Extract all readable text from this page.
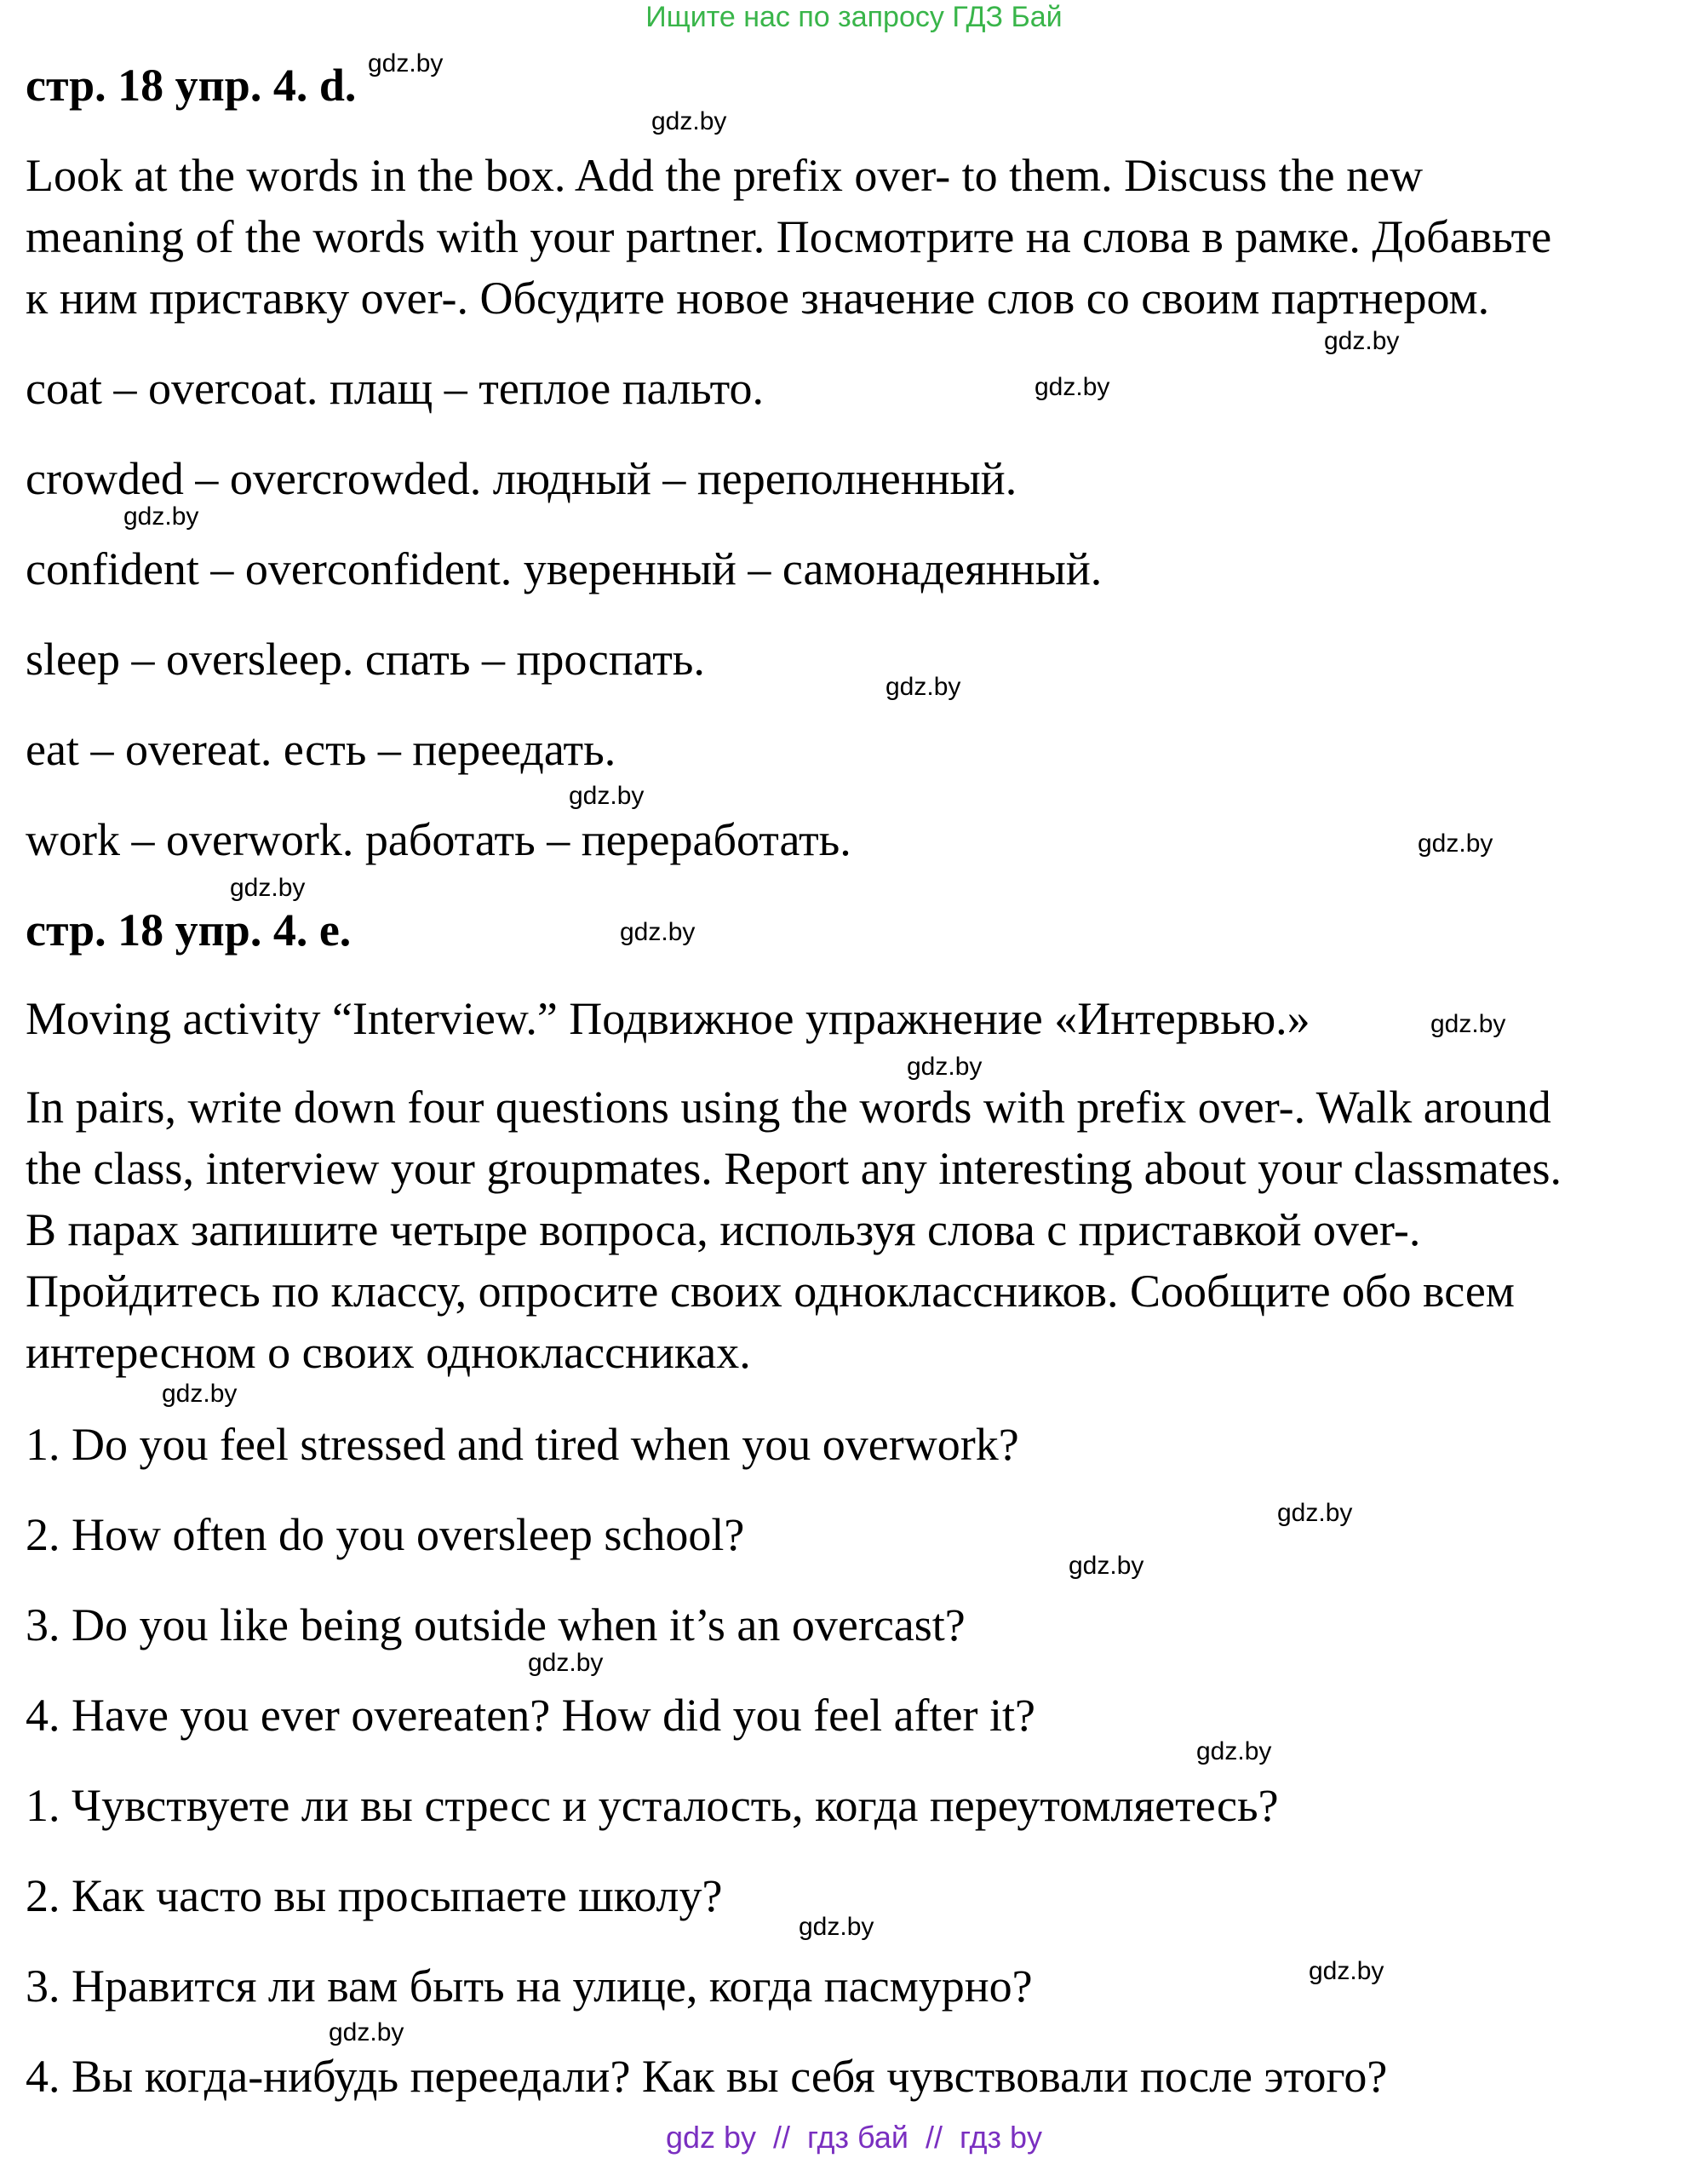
Ищите нас по запросу ГДЗ Бай
стр. 18 упр. 4. d.
Look at the words in the box. Add the prefix over- to them. Discuss the new
meaning of the words with your partner. Посмотрите на слова в рамке. Добавьте
к ним приставку over-. Обсудите новое значение слов со своим партнером.
coat – overcoat. плащ – теплое пальто.
crowded – overcrowded. людный – переполненный.
confident – overconfident. уверенный – самонадеянный.
sleep – oversleep. спать – проспать.
eat – overeat. есть – переедать.
work – overwork. работать – переработать.
стр. 18 упр. 4. e.
Moving activity “Interview.” Подвижное упражнение «Интервью.»
In pairs, write down four questions using the words with prefix over-. Walk around
the class, interview your groupmates. Report any interesting about your classmates.
В парах запишите четыре вопроса, используя слова с приставкой over-.
Пройдитесь по классу, опросите своих одноклассников. Сообщите обо всем
интересном о своих одноклассниках.
1. Do you feel stressed and tired when you overwork?
2. How often do you oversleep school?
3. Do you like being outside when it’s an overcast?
4. Have you ever overeaten? How did you feel after it?
1. Чувствуете ли вы стресс и усталость, когда переутомляетесь?
2. Как часто вы просыпаете школу?
3. Нравится ли вам быть на улице, когда пасмурно?
4. Вы когда-нибудь переедали? Как вы себя чувствовали после этого?
gdz.by
gdz.by
gdz.by
gdz.by
gdz.by
gdz.by
gdz.by
gdz.by
gdz.by
gdz.by
gdz.by
gdz.by
gdz.by
gdz.by
gdz.by
gdz.by
gdz.by
gdz.by
gdz.by
gdz.by
gdz by  //  гдз бай  //  гдз by
